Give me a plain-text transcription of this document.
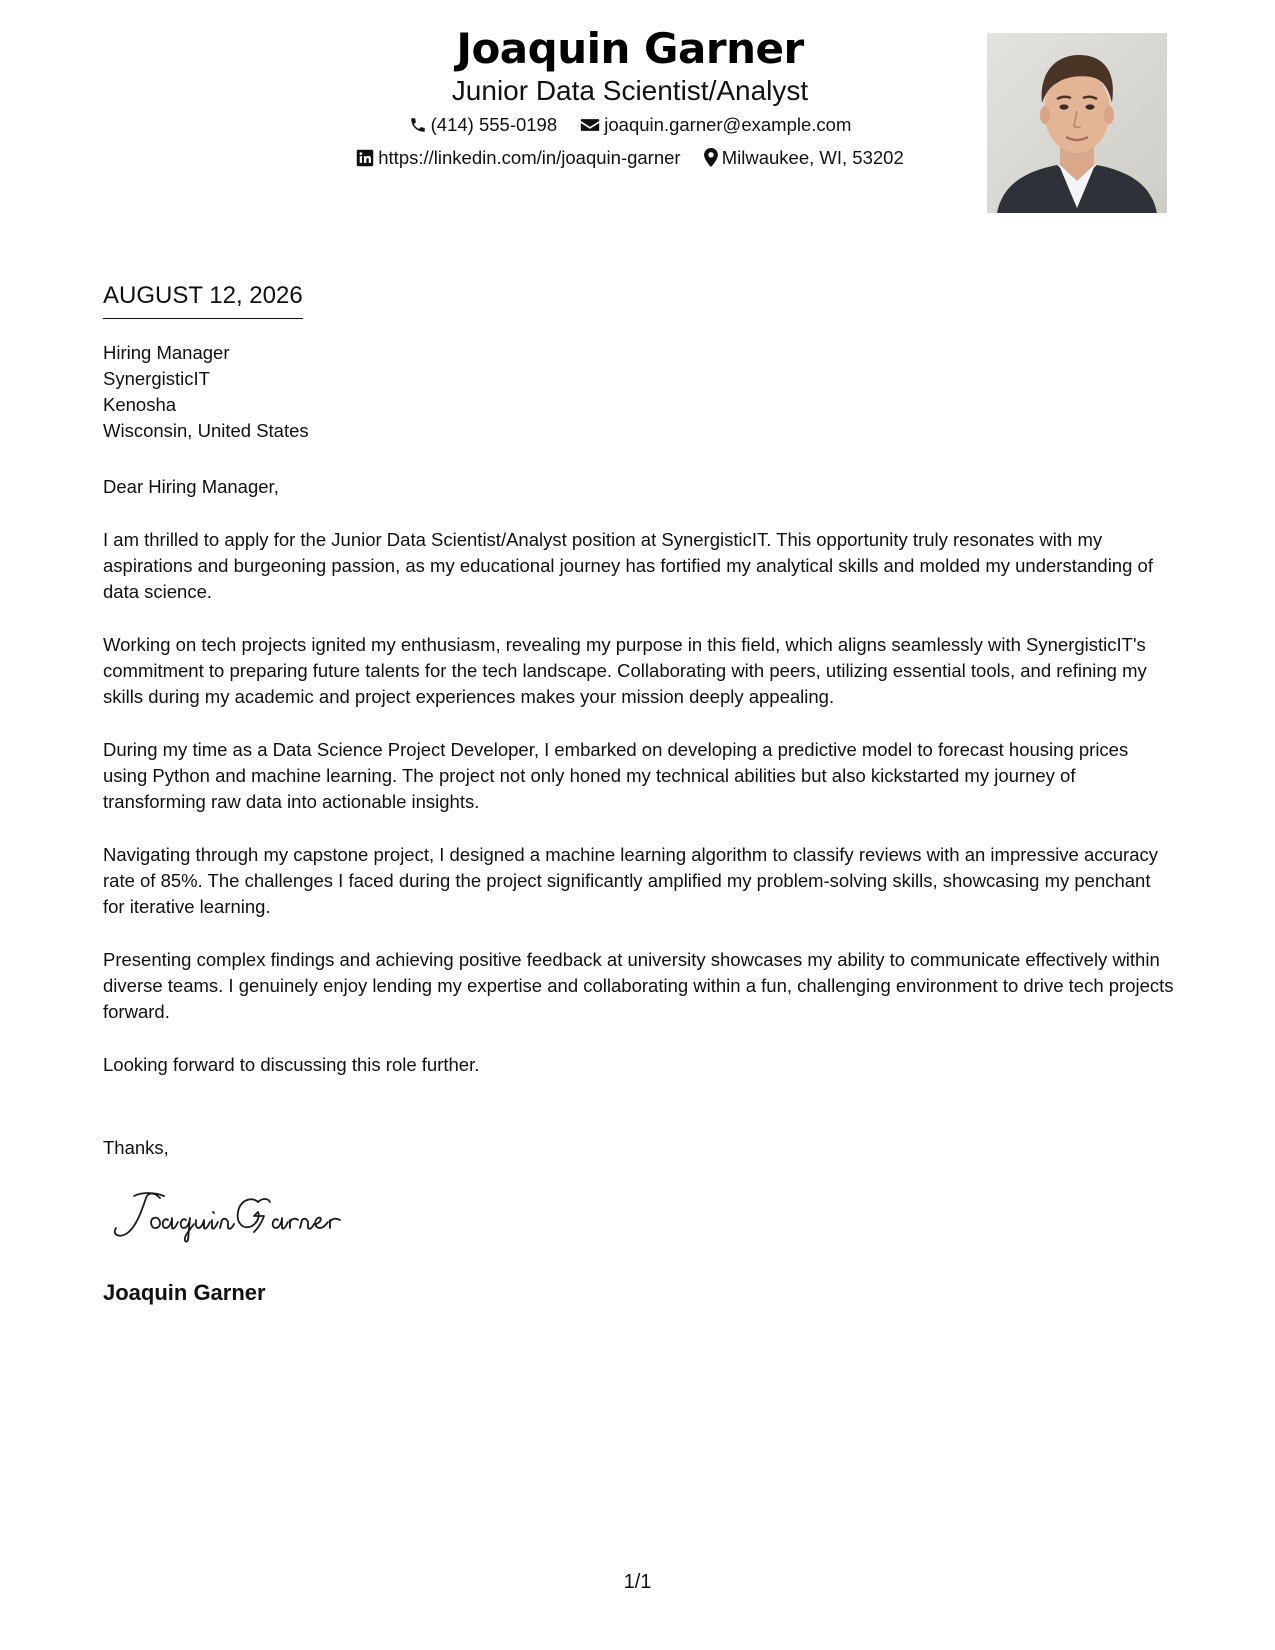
Joaquin Garner
Junior Data Scientist/Analyst
(414) 555-0198	joaquin.garner@example.com
https://linkedin.com/in/joaquin-garner Milwaukee, WI, 53202
AUGUST 12, 2026
Hiring Manager
SynergisticIT
Kenosha
Wisconsin, United States

Dear Hiring Manager,

I am thrilled to apply for the Junior Data Scientist/Analyst position at SynergisticIT. This opportunity truly resonates with my aspirations and burgeoning passion, as my educational journey has fortified my analytical skills and molded my understanding of data science.

Working on tech projects ignited my enthusiasm, revealing my purpose in this field, which aligns seamlessly with SynergisticIT's commitment to preparing future talents for the tech landscape. Collaborating with peers, utilizing essential tools, and refining my skills during my academic and project experiences makes your mission deeply appealing.

During my time as a Data Science Project Developer, I embarked on developing a predictive model to forecast housing prices using Python and machine learning. The project not only honed my technical abilities but also kickstarted my journey of transforming raw data into actionable insights.

Navigating through my capstone project, I designed a machine learning algorithm to classify reviews with an impressive accuracy rate of 85%. The challenges I faced during the project significantly amplified my problem-solving skills, showcasing my penchant for iterative learning.

Presenting complex findings and achieving positive feedback at university showcases my ability to communicate effectively within diverse teams. I genuinely enjoy lending my expertise and collaborating within a fun, challenging environment to drive tech projects forward.

Looking forward to discussing this role further.

Thanks,
Joaquin Garner
1/1
